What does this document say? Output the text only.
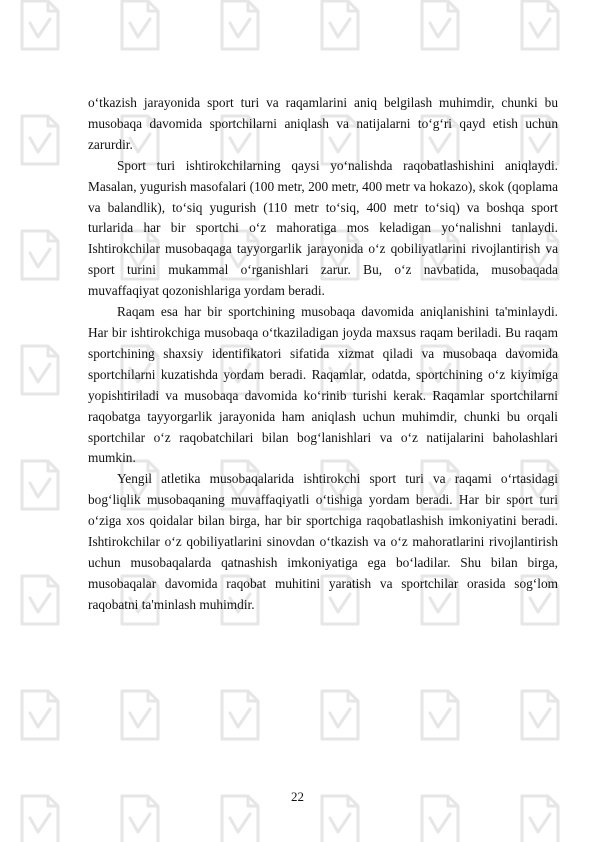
o‘tkazish jarayonida sport turi va raqamlarini aniq belgilash muhimdir, chunki bu musobaqa davomida sportchilarni aniqlash va natijalarni to‘g‘ri qayd etish uchun zarurdir.

Sport turi ishtirokchilarning qaysi yo‘nalishda raqobatlashishini aniqlaydi. Masalan, yugurish masofalari (100 metr, 200 metr, 400 metr va hokazo), skok (qoplama va balandlik), to‘siq yugurish (110 metr to‘siq, 400 metr to‘siq) va boshqa sport turlarida har bir sportchi o‘z mahoratiga mos keladigan yo‘nalishni tanlaydi. Ishtirokchilar musobaqaga tayyorgarlik jarayonida o‘z qobiliyatlarini rivojlantirish va sport turini mukammal o‘rganishlari zarur. Bu, o‘z navbatida, musobaqada muvaffaqiyat qozonishlariga yordam beradi.

Raqam esa har bir sportchining musobaqa davomida aniqlanishini ta'minlaydi. Har bir ishtirokchiga musobaqa o‘tkaziladigan joyda maxsus raqam beriladi. Bu raqam sportchining shaxsiy identifikatori sifatida xizmat qiladi va musobaqa davomida sportchilarni kuzatishda yordam beradi. Raqamlar, odatda, sportchining o‘z kiyimiga yopishtiriladi va musobaqa davomida ko‘rinib turishi kerak. Raqamlar sportchilarni raqobatga tayyorgarlik jarayonida ham aniqlash uchun muhimdir, chunki bu orqali sportchilar o‘z raqobatchilari bilan bog‘lanishlari va o‘z natijalarini baholashlari mumkin.

Yengil atletika musobaqalarida ishtirokchi sport turi va raqami o‘rtasidagi bog‘liqlik musobaqaning muvaffaqiyatli o‘tishiga yordam beradi. Har bir sport turi o‘ziga xos qoidalar bilan birga, har bir sportchiga raqobatlashish imkoniyatini beradi. Ishtirokchilar o‘z qobiliyatlarini sinovdan o‘tkazish va o‘z mahoratlarini rivojlantirish uchun musobaqalarda qatnashish imkoniyatiga ega bo‘ladilar. Shu bilan birga, musobaqalar davomida raqobat muhitini yaratish va sportchilar orasida sog‘lom raqobatni ta'minlash muhimdir.

22
